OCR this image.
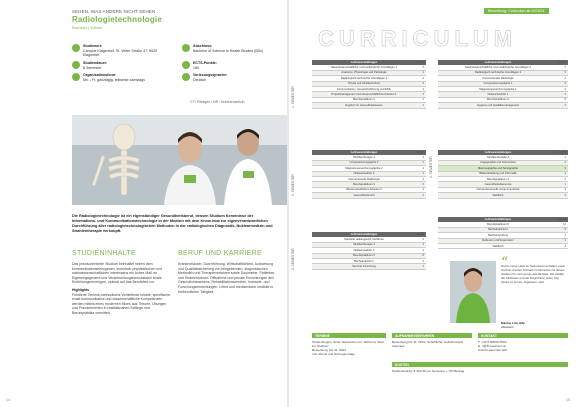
SEHEN, WAS ANDERE NICHT SEHEN
Radiologietechnologie
Bachelor | Vollzeit
Studienort:
Campus Klagenfurt, St. Veiter Straße 47, 9020 Klagenfurt
Studiendauer:
6 Semester
Organisationsform:
Mo – Fr, ganztägig, teilweise samstags
Abschluss:
Bachelor of Science in Health Studies (BSc)
ECTS-Punkte:
180
Vorlesungssprache:
Deutsch
CT / Röntgen / MR / Nuklearmedizin
Die Radiologietechnologie ist ein eigenständiger Gesundheitsberuf, dessen Studium Kenntnisse der Informations- und Kommunikationstechnologie in der Medizin mit dem Know-how zur eigenverantwortlichen Durchführung aller radiologietechnologischen Methoden in der radiologischen Diagnostik, Nuklearmedizin und Strahlentherapie verknüpft.
STUDIENINHALTE

Das praxisorientierte Studium beinhaltet neben dem kommunikationsbezogenen, technisch-physikalischen und naturwissenschaftlichen Interessens ein hohes Maß an Eigenengagement und Verantwortungsbewusstsein sowie Einfühlungsvermögen, optimal auf das Berufsfeld vor.

Highlights
Fundierte Technik-methodische Vertiefende Inhalte, spezifische, exakt kommunikative und wissenschaftliche Kompetenzen werden mittels eines modernen Mixes aus Theorie, Übungen und Praxiseinheiten in realitätsnahen Settings und Berufspraktika vermittelt.
BERUF UND KARRIERE

Krankenhäuser, Durchführung, Wirtschaftlichkeit, Auswertung und Qualitätssicherung von bildgebenden, diagnostischen Methoden und Therapieverfahren sowie Dosimetrie, Patienten- und Strahlenschutz. Öffentliche und private Einrichtungen des Gesundheitswesens, Rehabilitationszentren, Industrie- und Forschungseinrichtungen, Lehre und medizinische Institute in freiberuflicher Tätigkeit.

14
Bewerbung: Curriculum ab 2023/24
CURRICULUM
1. SEMESTER
3. SEMESTER
5. SEMESTER
4. SEMESTER
Lehrveranstaltungen	ECTS
Naturwissenschaftliche und medizinische Grundlagen 1	6
Anatomie, Physiologie und Pathologie	3
Radiologisch-technische Grundlagen 1	4
Physik und Strahlenschutz	3
Kommunikation, Gesprächsführung und Ethik	3
Projektmanagement und wissenschaftliches Arbeiten 1	3
Berufspraktikum 1	4
Englisch im Gesundheitswesen	2
Lehrveranstaltungen	ECTS
Strahlentherapie 1	4
Computertomographie 2	4
Magnetresonanztomographie 2	4
Nuklearmedizin 2	4
Interventionelle Radiologie	3
Berufspraktikum 3	6
Wissenschaftliches Arbeiten 2	3
Gesundheitsrecht	2
Lehrveranstaltungen	ECTS
Spezielle radiologische Verfahren	5
Strahlentherapie 3	4
Nuklearmedizin 3	4
Berufspraktikum 5	8
Bachelorarbeit 1	5
Seminar Forschung	4
Lehrveranstaltungen	ECTS
Naturwissenschaftliche und medizinische Grundlagen 2	5
Radiologisch-technische Grundlagen 2	5
Konventionelle Radiologie	4
Computertomographie 1	3
Magnetresonanztomographie 1	3
Nuklearmedizin 1	3
Berufspraktikum 2	5
Hygiene und Qualitätsmanagement	2
Lehrveranstaltungen	ECTS
Strahlentherapie 2	4
Angiographie und Intervention	4
Mammographie und Sonographie	3
Bildverarbeitung und Informatik	4
Berufspraktikum 4	6
Gesundheitsökonomie	3
Interprofessionelle Zusammenarbeit	3
Wahlfach	3
Lehrveranstaltungen	ECTS
Berufspraktikum 6	12
Bachelorarbeit 2	8
Bachelorprüfung	4
Reflexion und Supervision	3
Wahlfach	3
“
Durch meine Liebe zu Naturwissenschaften sowie Technik und den Kontakt mit Menschen ist dieses Studium für mich genau das Richtige. Die Vielfalt der Methoden und die Möglichkeit, jeden Tag Neues zu lernen, begeistern mich.
Nikolas Löw, BSc
Absolvent
TERMINE
Studienbeginn: Ende September mit „Welcome Start ins Studium“
Bewerbung: bis 31. März
Info-Abend und Schnuppertage
AUFNAHMEVERFAHREN
Bewerbung bis 31. März, Schriftlicher Aufnahmetest, Interview
KONTAKT
T: +43 5 90500-3500
E: rt@fh-kaernten.at
www.fh-kaernten.at/rt
KOSTEN
Studienbeitrag: € 363,36 pro Semester + ÖH-Beitrag
15
